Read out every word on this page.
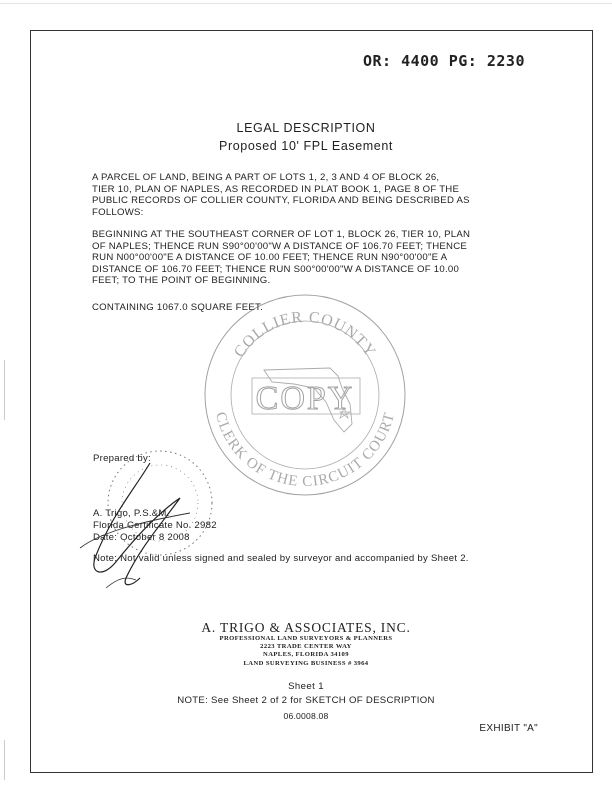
OR: 4400 PG: 2230
LEGAL DESCRIPTION
Proposed 10' FPL Easement
A PARCEL OF LAND, BEING A PART OF LOTS 1, 2, 3 AND 4 OF BLOCK 26,
TIER 10, PLAN OF NAPLES, AS RECORDED IN PLAT BOOK 1, PAGE 8 OF THE
PUBLIC RECORDS OF COLLIER COUNTY, FLORIDA AND BEING DESCRIBED AS
FOLLOWS:
BEGINNING AT THE SOUTHEAST CORNER OF LOT 1, BLOCK 26, TIER 10, PLAN
OF NAPLES; THENCE RUN S90°00'00"W A DISTANCE OF 106.70 FEET; THENCE
RUN N00°00'00"E A DISTANCE OF 10.00 FEET; THENCE RUN N90°00'00"E A
DISTANCE OF 106.70 FEET; THENCE RUN S00°00'00"W A DISTANCE OF 10.00
FEET; TO THE POINT OF BEGINNING.
CONTAINING 1067.0 SQUARE FEET.
COPY
COLLIER COUNTY
CLERK OF THE CIRCUIT COURT
Prepared by:
A. Trigo, P.S.&M.
Florida Certificate No. 2982
Date: October 8 2008
Note: Not valid unless signed and sealed by surveyor and accompanied by Sheet 2.
A. TRIGO & ASSOCIATES, INC.
PROFESSIONAL LAND SURVEYORS & PLANNERS
2223 TRADE CENTER WAY
NAPLES, FLORIDA 34109
LAND SURVEYING BUSINESS # 3964
Sheet 1
NOTE: See Sheet 2 of 2 for SKETCH OF DESCRIPTION
06.0008.08
EXHIBIT "A"
